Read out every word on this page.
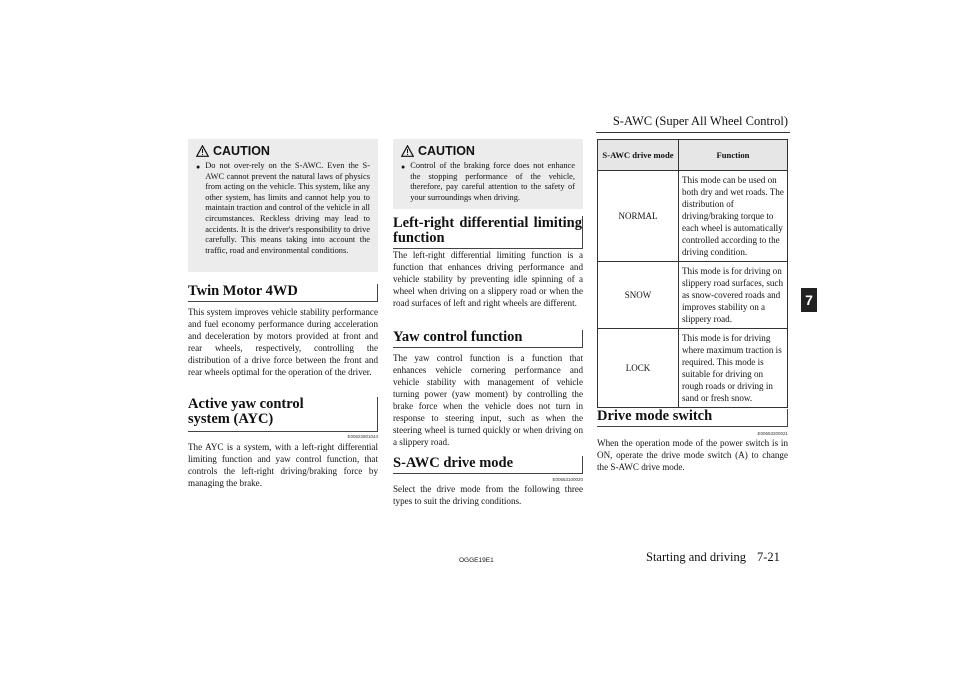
S-AWC (Super All Wheel Control)
CAUTION
● Do not over-rely on the S-AWC. Even the S-AWC cannot prevent the natural laws of physics from acting on the vehicle. This system, like any other system, has limits and cannot help you to maintain traction and control of the vehicle in all circumstances. Reckless driving may lead to accidents. It is the driver's responsibility to drive carefully. This means taking into account the traffic, road and environmental conditions.
Twin Motor 4WD
This system improves vehicle stability performance and fuel economy performance during acceleration and deceleration by motors provided at front and rear wheels, respectively, controlling the distribution of a drive force between the front and rear wheels optimal for the operation of the driver.
Active yaw control system (AYC)
E00622801044
The AYC is a system, with a left-right differential limiting function and yaw control function, that controls the left-right driving/braking force by managing the brake.
CAUTION
● Control of the braking force does not enhance the stopping performance of the vehicle, therefore, pay careful attention to the safety of your surroundings when driving.
Left-right differential limiting function
The left-right differential limiting function is a function that enhances driving performance and vehicle stability by preventing idle spinning of a wheel when driving on a slippery road or when the road surfaces of left and right wheels are different.
Yaw control function
The yaw control function is a function that enhances vehicle cornering performance and vehicle stability with management of vehicle turning power (yaw moment) by controlling the brake force when the vehicle does not turn in response to steering input, such as when the steering wheel is turned quickly or when driving on a slippery road.
S-AWC drive mode
E00653100020
Select the drive mode from the following three types to suit the driving conditions.
S-AWC drive mode	Function
NORMAL	This mode can be used on both dry and wet roads. The distribution of driving/braking torque to each wheel is automatically controlled according to the driving condition.
SNOW	This mode is for driving on slippery road surfaces, such as snow-covered roads and improves stability on a slippery road.
LOCK	This mode is for driving where maximum traction is required. This mode is suitable for driving on rough roads or driving in sand or fresh snow.
Drive mode switch
E00653200021
When the operation mode of the power switch is in ON, operate the drive mode switch (A) to change the S-AWC drive mode.
7
OGGE19E1	Starting and driving 7-21
